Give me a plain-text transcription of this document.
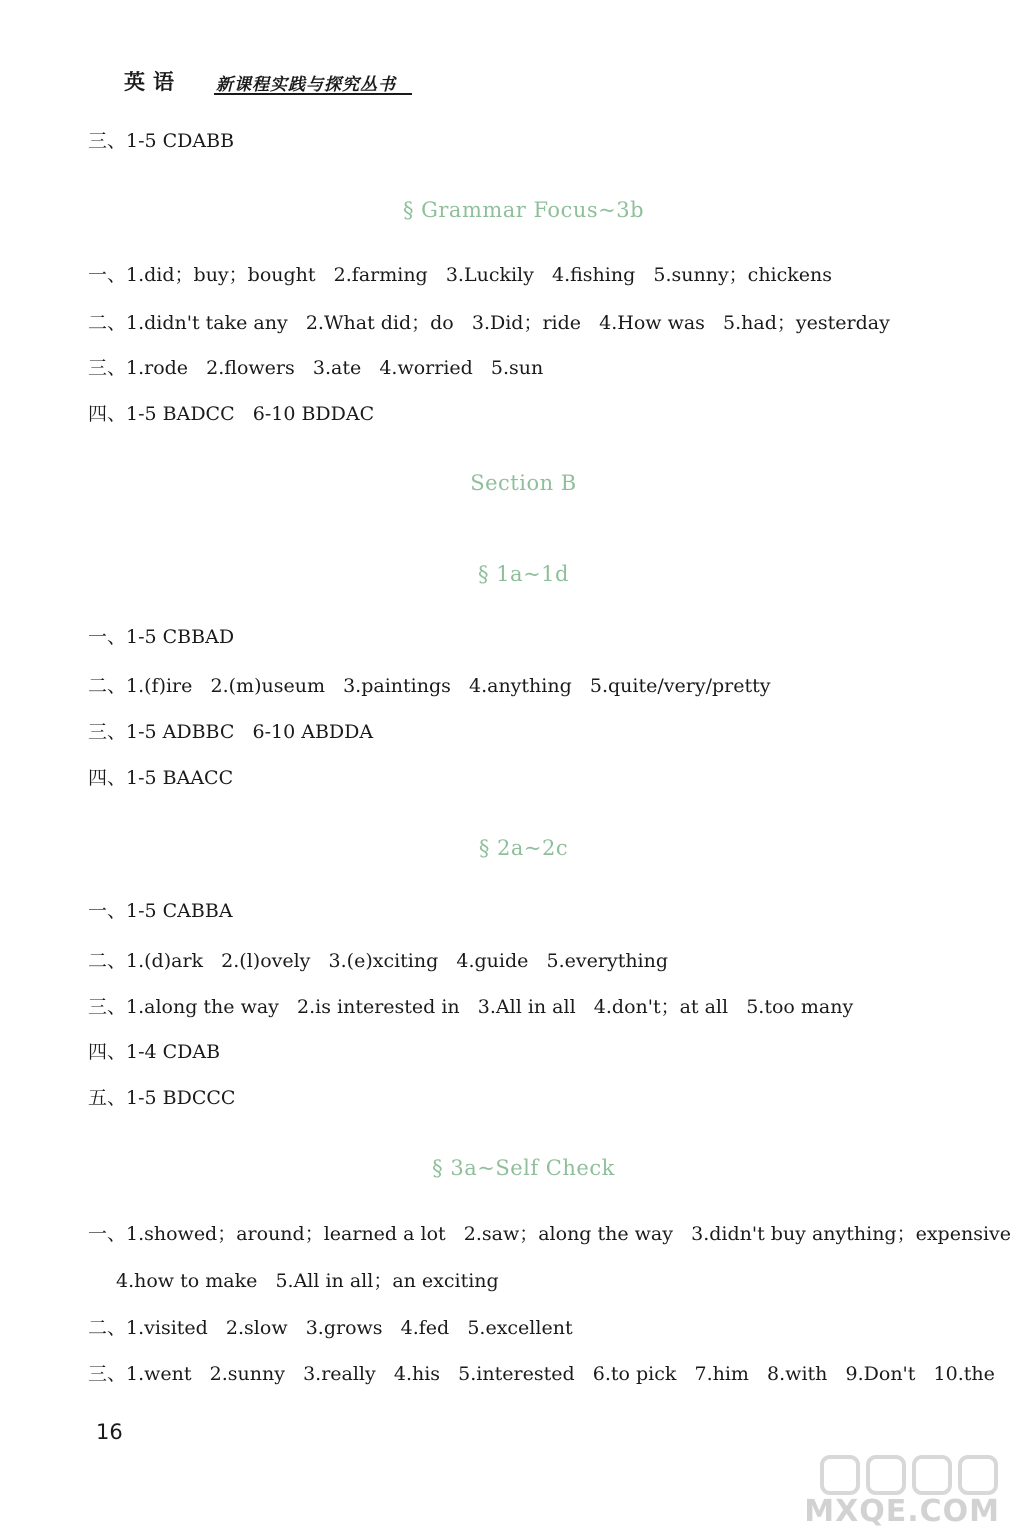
英语 新课程实践与探究丛书
三、1-5 CDABB
§ Grammar Focus~3b
一、1.did；buy；bought   2.farming   3.Luckily   4.fishing   5.sunny；chickens
二、1.didn't take any   2.What did；do   3.Did；ride   4.How was   5.had；yesterday
三、1.rode   2.flowers   3.ate   4.worried   5.sun
四、1-5 BADCC   6-10 BDDAC
Section B
§ 1a~1d
一、1-5 CBBAD
二、1.(f)ire   2.(m)useum   3.paintings   4.anything   5.quite/very/pretty
三、1-5 ADBBC   6-10 ABDDA
四、1-5 BAACC
§ 2a~2c
一、1-5 CABBA
二、1.(d)ark   2.(l)ovely   3.(e)xciting   4.guide   5.everything
三、1.along the way   2.is interested in   3.All in all   4.don't；at all   5.too many
四、1-4 CDAB
五、1-5 BDCCC
§ 3a~Self Check
一、1.showed；around；learned a lot   2.saw；along the way   3.didn't buy anything；expensive
4.how to make   5.All in all；an exciting
二、1.visited   2.slow   3.grows   4.fed   5.excellent
三、1.went   2.sunny   3.really   4.his   5.interested   6.to pick   7.him   8.with   9.Don't   10.the
16
MXQE.COM
